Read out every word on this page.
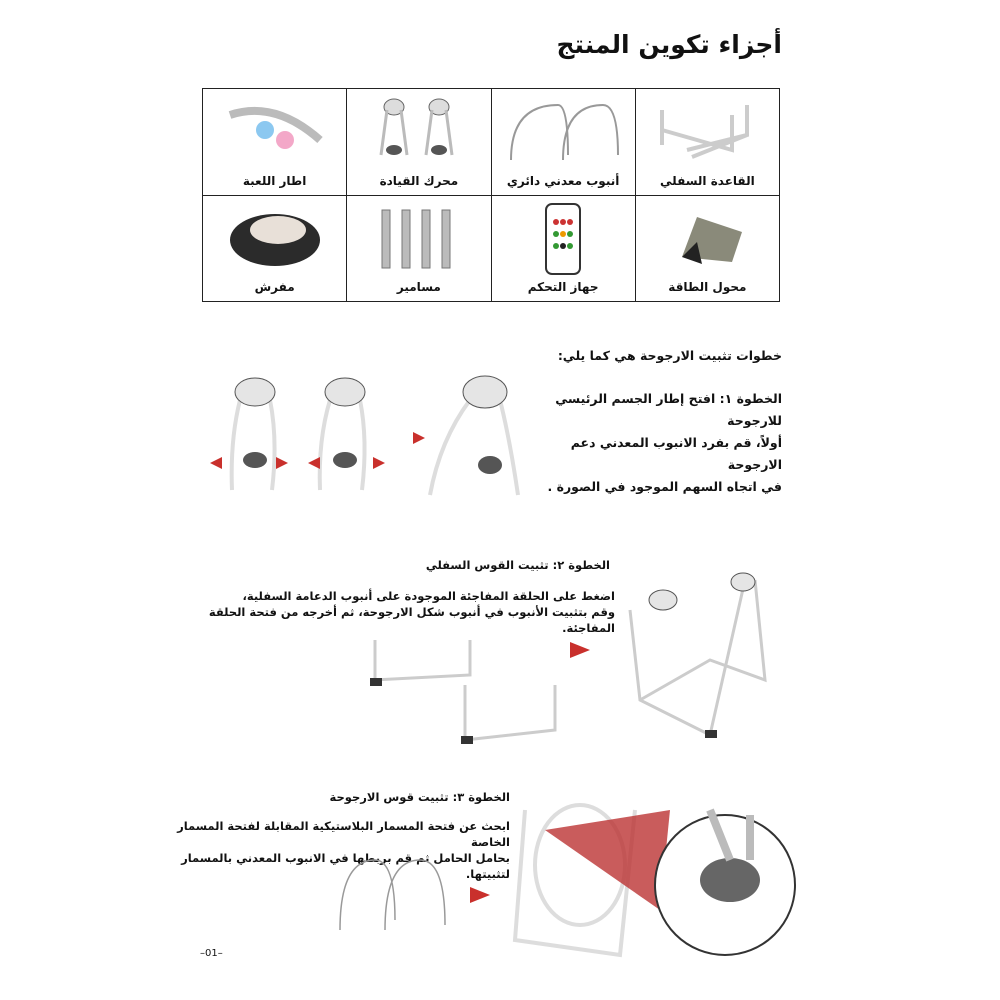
أجزاء تكوين المنتج
القاعدة السفلي	أنبوب معدني دائري	محرك القيادة	اطار اللعبة

محول الطاقة	جهاز التحكم	مسامير	مفرش
خطوات تثبيت الارجوحة هي كما يلي:
الخطوة ١: افتح إطار الجسم الرئيسي للارجوحة
أولاً، قم بفرد الانبوب المعدني دعم الارجوحة
في اتجاه السهم الموجود في الصورة .
الخطوة ٢: تثبيت القوس السفلي
اضغط على الحلقة المفاجئة الموجودة على أنبوب الدعامة السفلية،
وقم بتثبيت الأنبوب في أنبوب شكل الارجوحة، ثم أخرجه من فتحة الحلقة المفاجئة.
الخطوة ٣: تثبيت قوس الارجوحة
ابحث عن فتحة المسمار البلاستيكية المقابلة لفتحة المسمار الخاصة
بحامل الحامل ثم قم بربطها في الانبوب المعدني بالمسمار لتثبيتها.
–01–
